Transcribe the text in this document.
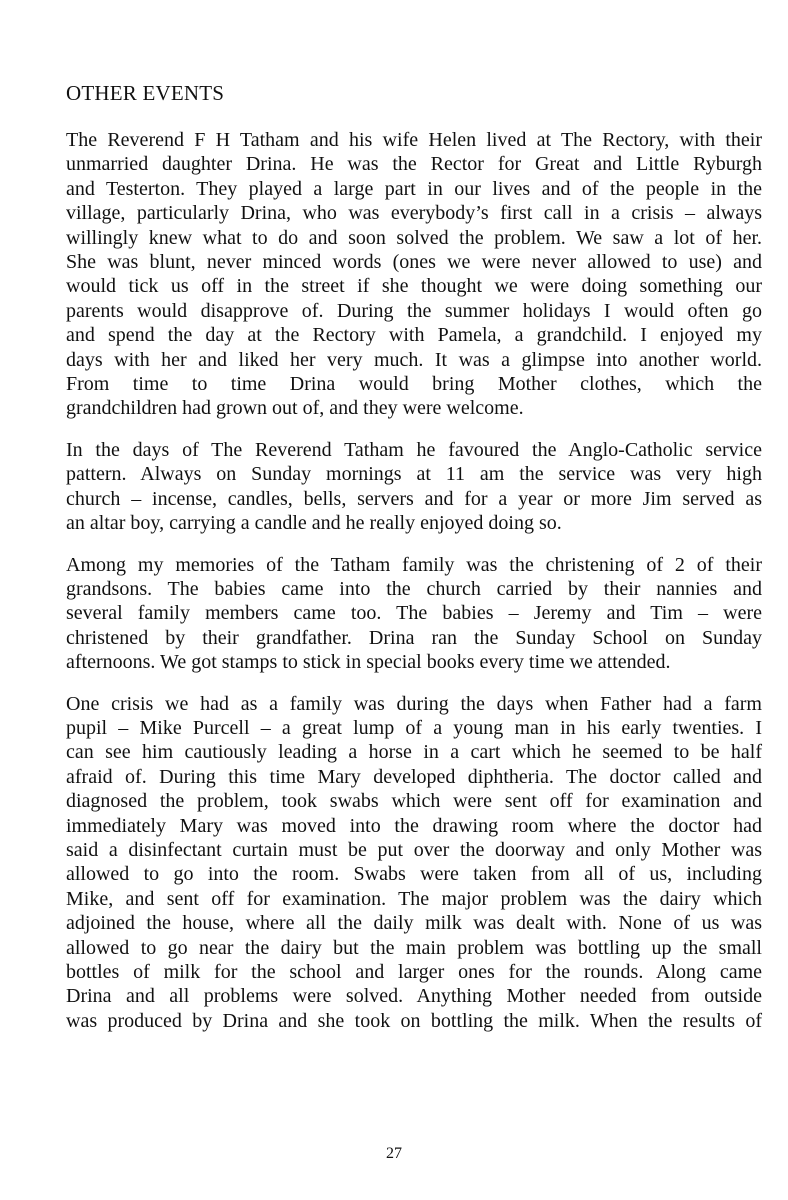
OTHER EVENTS
The Reverend F H Tatham and his wife Helen lived at The Rectory, with their
unmarried daughter Drina. He was the Rector for Great and Little Ryburgh
and Testerton. They played a large part in our lives and of the people in the
village, particularly Drina, who was everybody’s first call in a crisis – always
willingly knew what to do and soon solved the problem. We saw a lot of her.
She was blunt, never minced words (ones we were never allowed to use) and
would tick us off in the street if she thought we were doing something our
parents would disapprove of. During the summer holidays I would often go
and spend the day at the Rectory with Pamela, a grandchild. I enjoyed my
days with her and liked her very much. It was a glimpse into another world.
From time to time Drina would bring Mother clothes, which the
grandchildren had grown out of, and they were welcome.
In the days of The Reverend Tatham he favoured the Anglo-Catholic service
pattern. Always on Sunday mornings at 11 am the service was very high
church – incense, candles, bells, servers and for a year or more Jim served as
an altar boy, carrying a candle and he really enjoyed doing so.
Among my memories of the Tatham family was the christening of 2 of their
grandsons. The babies came into the church carried by their nannies and
several family members came too. The babies – Jeremy and Tim – were
christened by their grandfather. Drina ran the Sunday School on Sunday
afternoons. We got stamps to stick in special books every time we attended.
One crisis we had as a family was during the days when Father had a farm
pupil – Mike Purcell – a great lump of a young man in his early twenties. I
can see him cautiously leading a horse in a cart which he seemed to be half
afraid of. During this time Mary developed diphtheria. The doctor called and
diagnosed the problem, took swabs which were sent off for examination and
immediately Mary was moved into the drawing room where the doctor had
said a disinfectant curtain must be put over the doorway and only Mother was
allowed to go into the room. Swabs were taken from all of us, including
Mike, and sent off for examination. The major problem was the dairy which
adjoined the house, where all the daily milk was dealt with. None of us was
allowed to go near the dairy but the main problem was bottling up the small
bottles of milk for the school and larger ones for the rounds. Along came
Drina and all problems were solved. Anything Mother needed from outside
was produced by Drina and she took on bottling the milk. When the results of
27
